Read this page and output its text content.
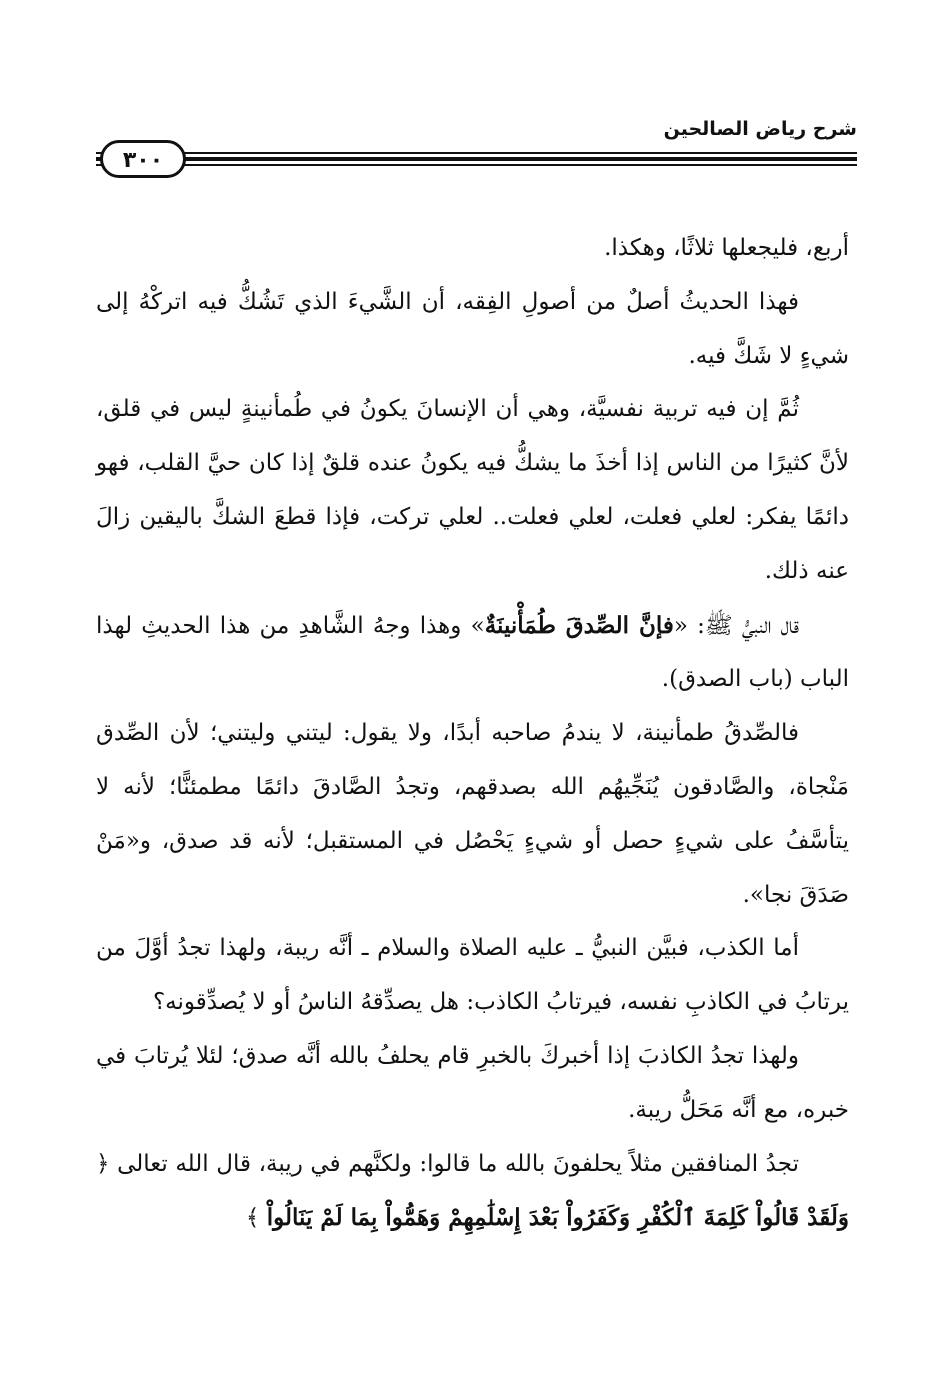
شرح رياض الصالحين
٣٠٠

أربع، فليجعلها ثلاثًا، وهكذا.

فهذا الحديثُ أصلٌ من أصولِ الفِقه، أن الشَّيءَ الذي تَشُكُّ فيه اتركْهُ إلى شيءٍ لا شَكَّ فيه.

ثُمَّ إن فيه تربية نفسيَّة، وهي أن الإنسانَ يكونُ في طُمأنينةٍ ليس في قلق، لأنَّ كثيرًا من الناس إذا أخذَ ما يشكُّ فيه يكونُ عنده قلقٌ إذا كان حيَّ القلب، فهو دائمًا يفكر: لعلي فعلت، لعلي فعلت.. لعلي تركت، فإذا قطعَ الشكَّ باليقين زالَ عنه ذلك.

قال النبيُّ ﷺ: «فإنَّ الصِّدقَ طُمَأْنينَةٌ» وهذا وجهُ الشَّاهدِ من هذا الحديثِ لهذا الباب (باب الصدق).

فالصِّدقُ طمأنينة، لا يندمُ صاحبه أبدًا، ولا يقول: ليتني وليتني؛ لأن الصِّدق مَنْجاة، والصَّادقون يُنَجِّيهُم الله بصدقهم، وتجدُ الصَّادقَ دائمًا مطمئنًّا؛ لأنه لا يتأسَّفُ على شيءٍ حصل أو شيءٍ يَحْصُل في المستقبل؛ لأنه قد صدق، و«مَنْ صَدَقَ نجا».

أما الكذب، فبيَّن النبيُّ ـ عليه الصلاة والسلام ـ أنَّه ريبة، ولهذا تجدُ أوَّلَ من يرتابُ في الكاذبِ نفسه، فيرتابُ الكاذب: هل يصدِّقهُ الناسُ أو لا يُصدِّقونه؟

ولهذا تجدُ الكاذبَ إذا أخبركَ بالخبرِ قام يحلفُ بالله أنَّه صدق؛ لئلا يُرتابَ في خبره، مع أنَّه مَحَلُّ ريبة.

تجدُ المنافقين مثلاً يحلفونَ بالله ما قالوا: ولكنَّهم في ريبة، قال الله تعالى ﴿ وَلَقَدْ قَالُواْ كَلِمَةَ ٱلْكُفْرِ وَكَفَرُواْ بَعْدَ إِسْلَٰمِهِمْ وَهَمُّواْ بِمَا لَمْ يَنَالُواْ ﴾
